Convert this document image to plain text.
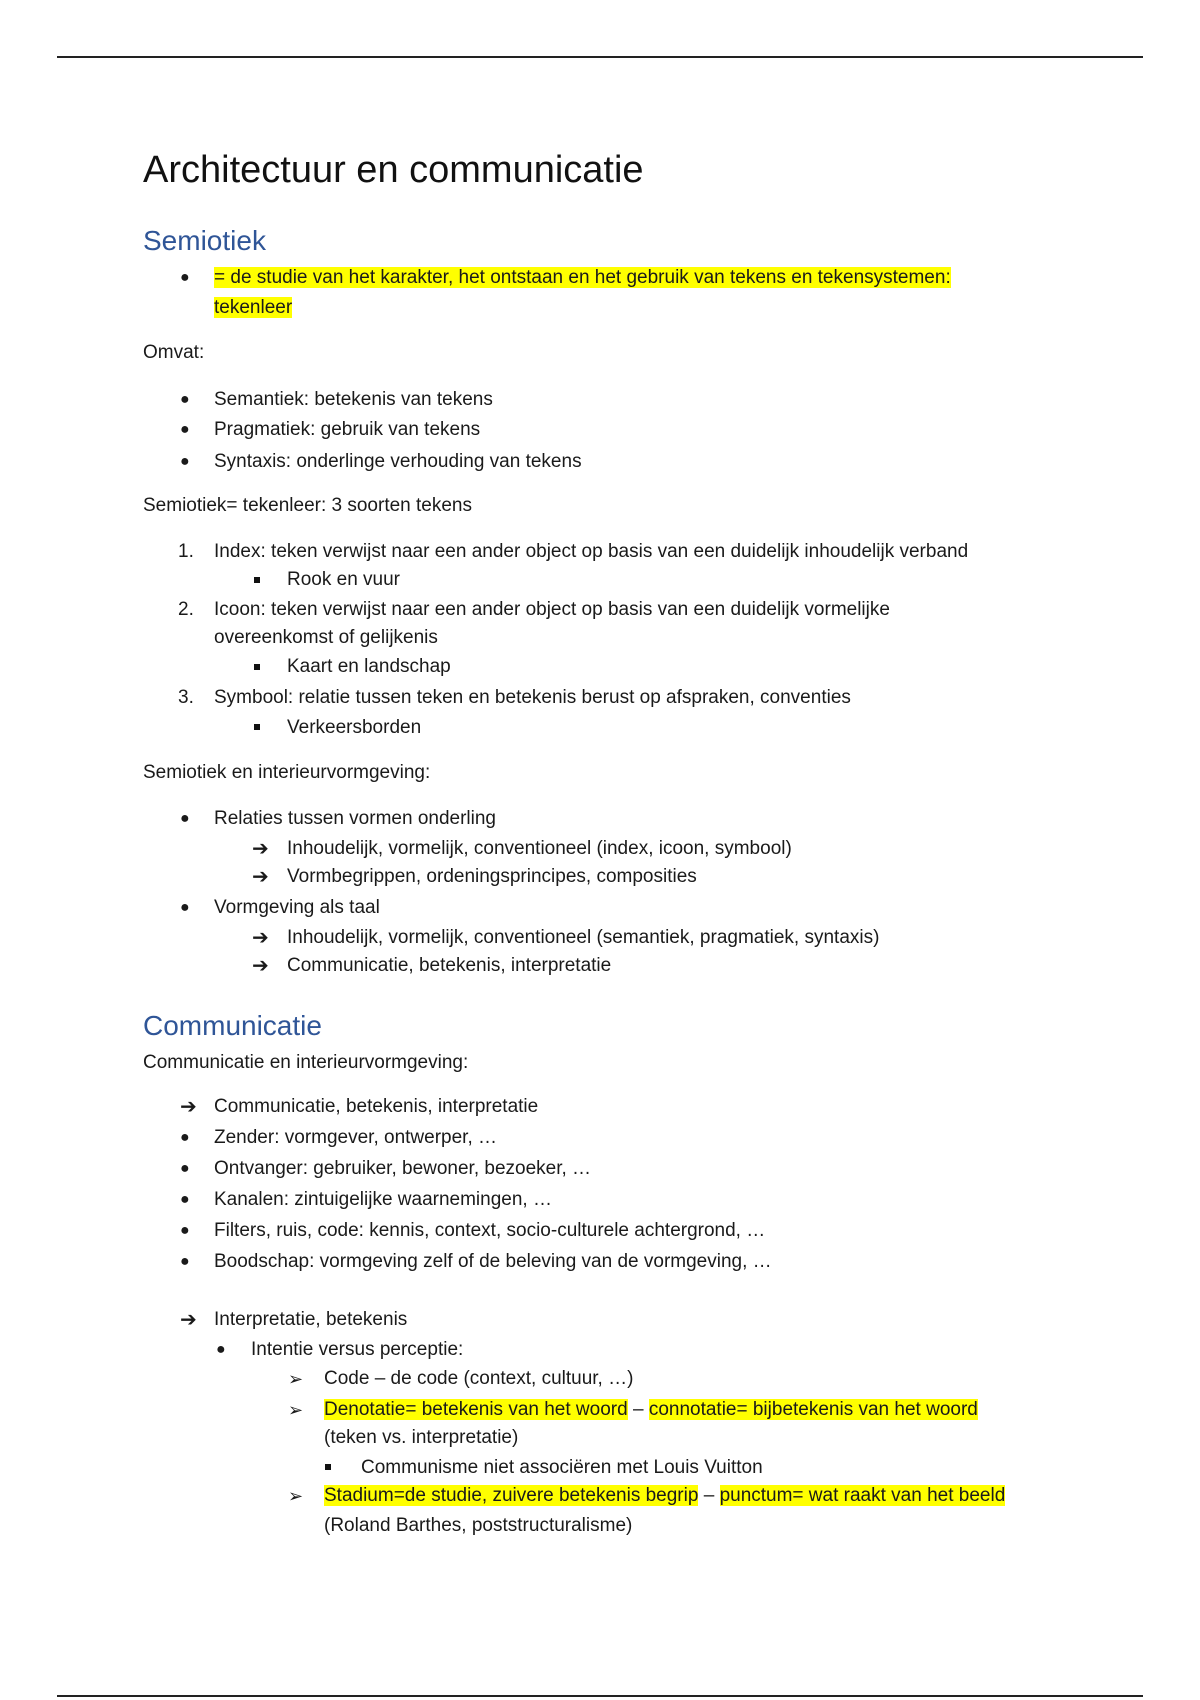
Architectuur en communicatie
Semiotiek
● = de studie van het karakter, het ontstaan en het gebruik van tekens en tekensystemen:
tekenleer
Omvat:
● Semantiek: betekenis van tekens
● Pragmatiek: gebruik van tekens
● Syntaxis: onderlinge verhouding van tekens
Semiotiek= tekenleer: 3 soorten tekens
1. Index: teken verwijst naar een ander object op basis van een duidelijk inhoudelijk verband
Rook en vuur
2. Icoon: teken verwijst naar een ander object op basis van een duidelijk vormelijke
overeenkomst of gelijkenis
Kaart en landschap
3. Symbool: relatie tussen teken en betekenis berust op afspraken, conventies
Verkeersborden
Semiotiek en interieurvormgeving:
● Relaties tussen vormen onderling
➔ Inhoudelijk, vormelijk, conventioneel (index, icoon, symbool)
➔ Vormbegrippen, ordeningsprincipes, composities
● Vormgeving als taal
➔ Inhoudelijk, vormelijk, conventioneel (semantiek, pragmatiek, syntaxis)
➔ Communicatie, betekenis, interpretatie
Communicatie
Communicatie en interieurvormgeving:
➔ Communicatie, betekenis, interpretatie
● Zender: vormgever, ontwerper, …
● Ontvanger: gebruiker, bewoner, bezoeker, …
● Kanalen: zintuigelijke waarnemingen, …
● Filters, ruis, code: kennis, context, socio-culturele achtergrond, …
● Boodschap: vormgeving zelf of de beleving van de vormgeving, …
➔ Interpretatie, betekenis
● Intentie versus perceptie:
➢ Code – de code (context, cultuur, …)
➢ Denotatie= betekenis van het woord – connotatie= bijbetekenis van het woord
(teken vs. interpretatie)
Communisme niet associëren met Louis Vuitton
➢ Stadium=de studie, zuivere betekenis begrip – punctum= wat raakt van het beeld
(Roland Barthes, poststructuralisme)
